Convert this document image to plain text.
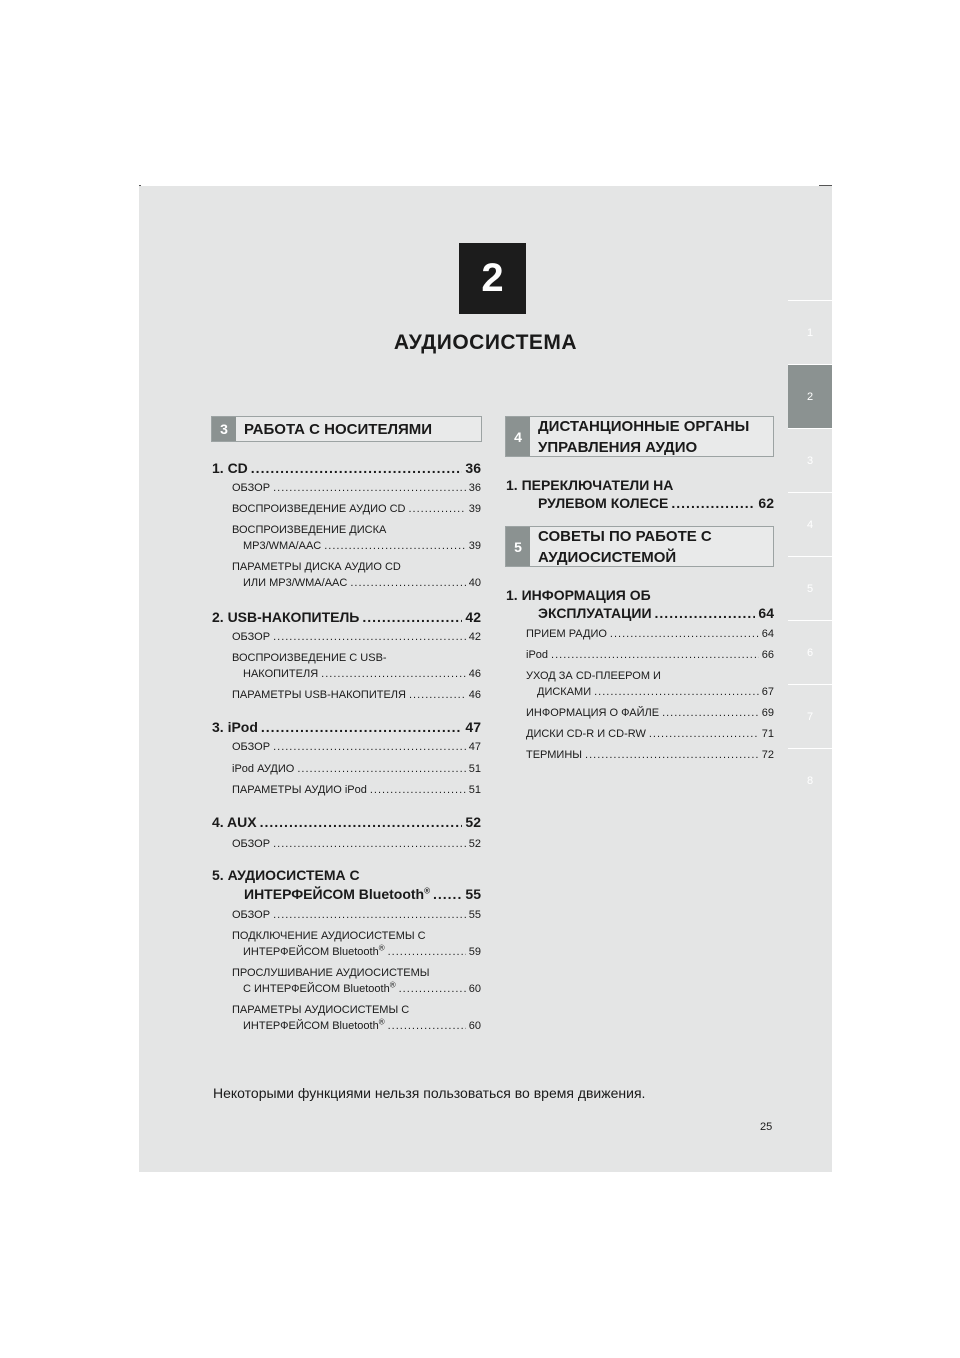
2
АУДИОСИСТЕМА	1
2
3
4
5
6
7
8
3	РАБОТА С НОСИТЕЛЯМИ
1. CD .....	36
ОБЗОР .....	36
ВОСПРОИЗВЕДЕНИЕ АУДИО CD .....	39
ВОСПРОИЗВЕДЕНИЕ ДИСКА
MP3/WMA/AAC .....	39
ПАРАМЕТРЫ ДИСКА АУДИО CD
ИЛИ MP3/WMA/AAC .....	40
2. USB-НАКОПИТЕЛЬ .....	42
ОБЗОР .....	42
ВОСПРОИЗВЕДЕНИЕ С USB-
НАКОПИТЕЛЯ .....	46
ПАРАМЕТРЫ USB-НАКОПИТЕЛЯ .....	46
3. iPod .....	47
ОБЗОР .....	47
iPod АУДИО .....	51
ПАРАМЕТРЫ АУДИО iPod .....	51
4. AUX .....	52
ОБЗОР .....	52
5. АУДИОСИСТЕМА С
ИНТЕРФЕЙСОМ Bluetooth® .....	55
ОБЗОР .....	55
ПОДКЛЮЧЕНИЕ АУДИОСИСТЕМЫ С
ИНТЕРФЕЙСОМ Bluetooth® .....	59
ПРОСЛУШИВАНИЕ АУДИОСИСТЕМЫ
С ИНТЕРФЕЙСОМ Bluetooth® .....	60
ПАРАМЕТРЫ АУДИОСИСТЕМЫ С
ИНТЕРФЕЙСОМ Bluetooth® .....	60
4
ДИСТАНЦИОННЫЕ ОРГАНЫ
УПРАВЛЕНИЯ АУДИО
1. ПЕРЕКЛЮЧАТЕЛИ НА
РУЛЕВОМ КОЛЕСЕ .....	62
5
СОВЕТЫ ПО РАБОТЕ С
АУДИОСИСТЕМОЙ
1. ИНФОРМАЦИЯ ОБ
ЭКСПЛУАТАЦИИ .....	64
ПРИЕМ РАДИО .....	64
iPod .....	66
УХОД ЗА CD-ПЛЕЕРОМ И
ДИСКАМИ .....	67
ИНФОРМАЦИЯ О ФАЙЛЕ .....	69
ДИСКИ CD-R И CD-RW .....	71
ТЕРМИНЫ .....	72
Некоторыми функциями нельзя пользоваться во время движения.
25
